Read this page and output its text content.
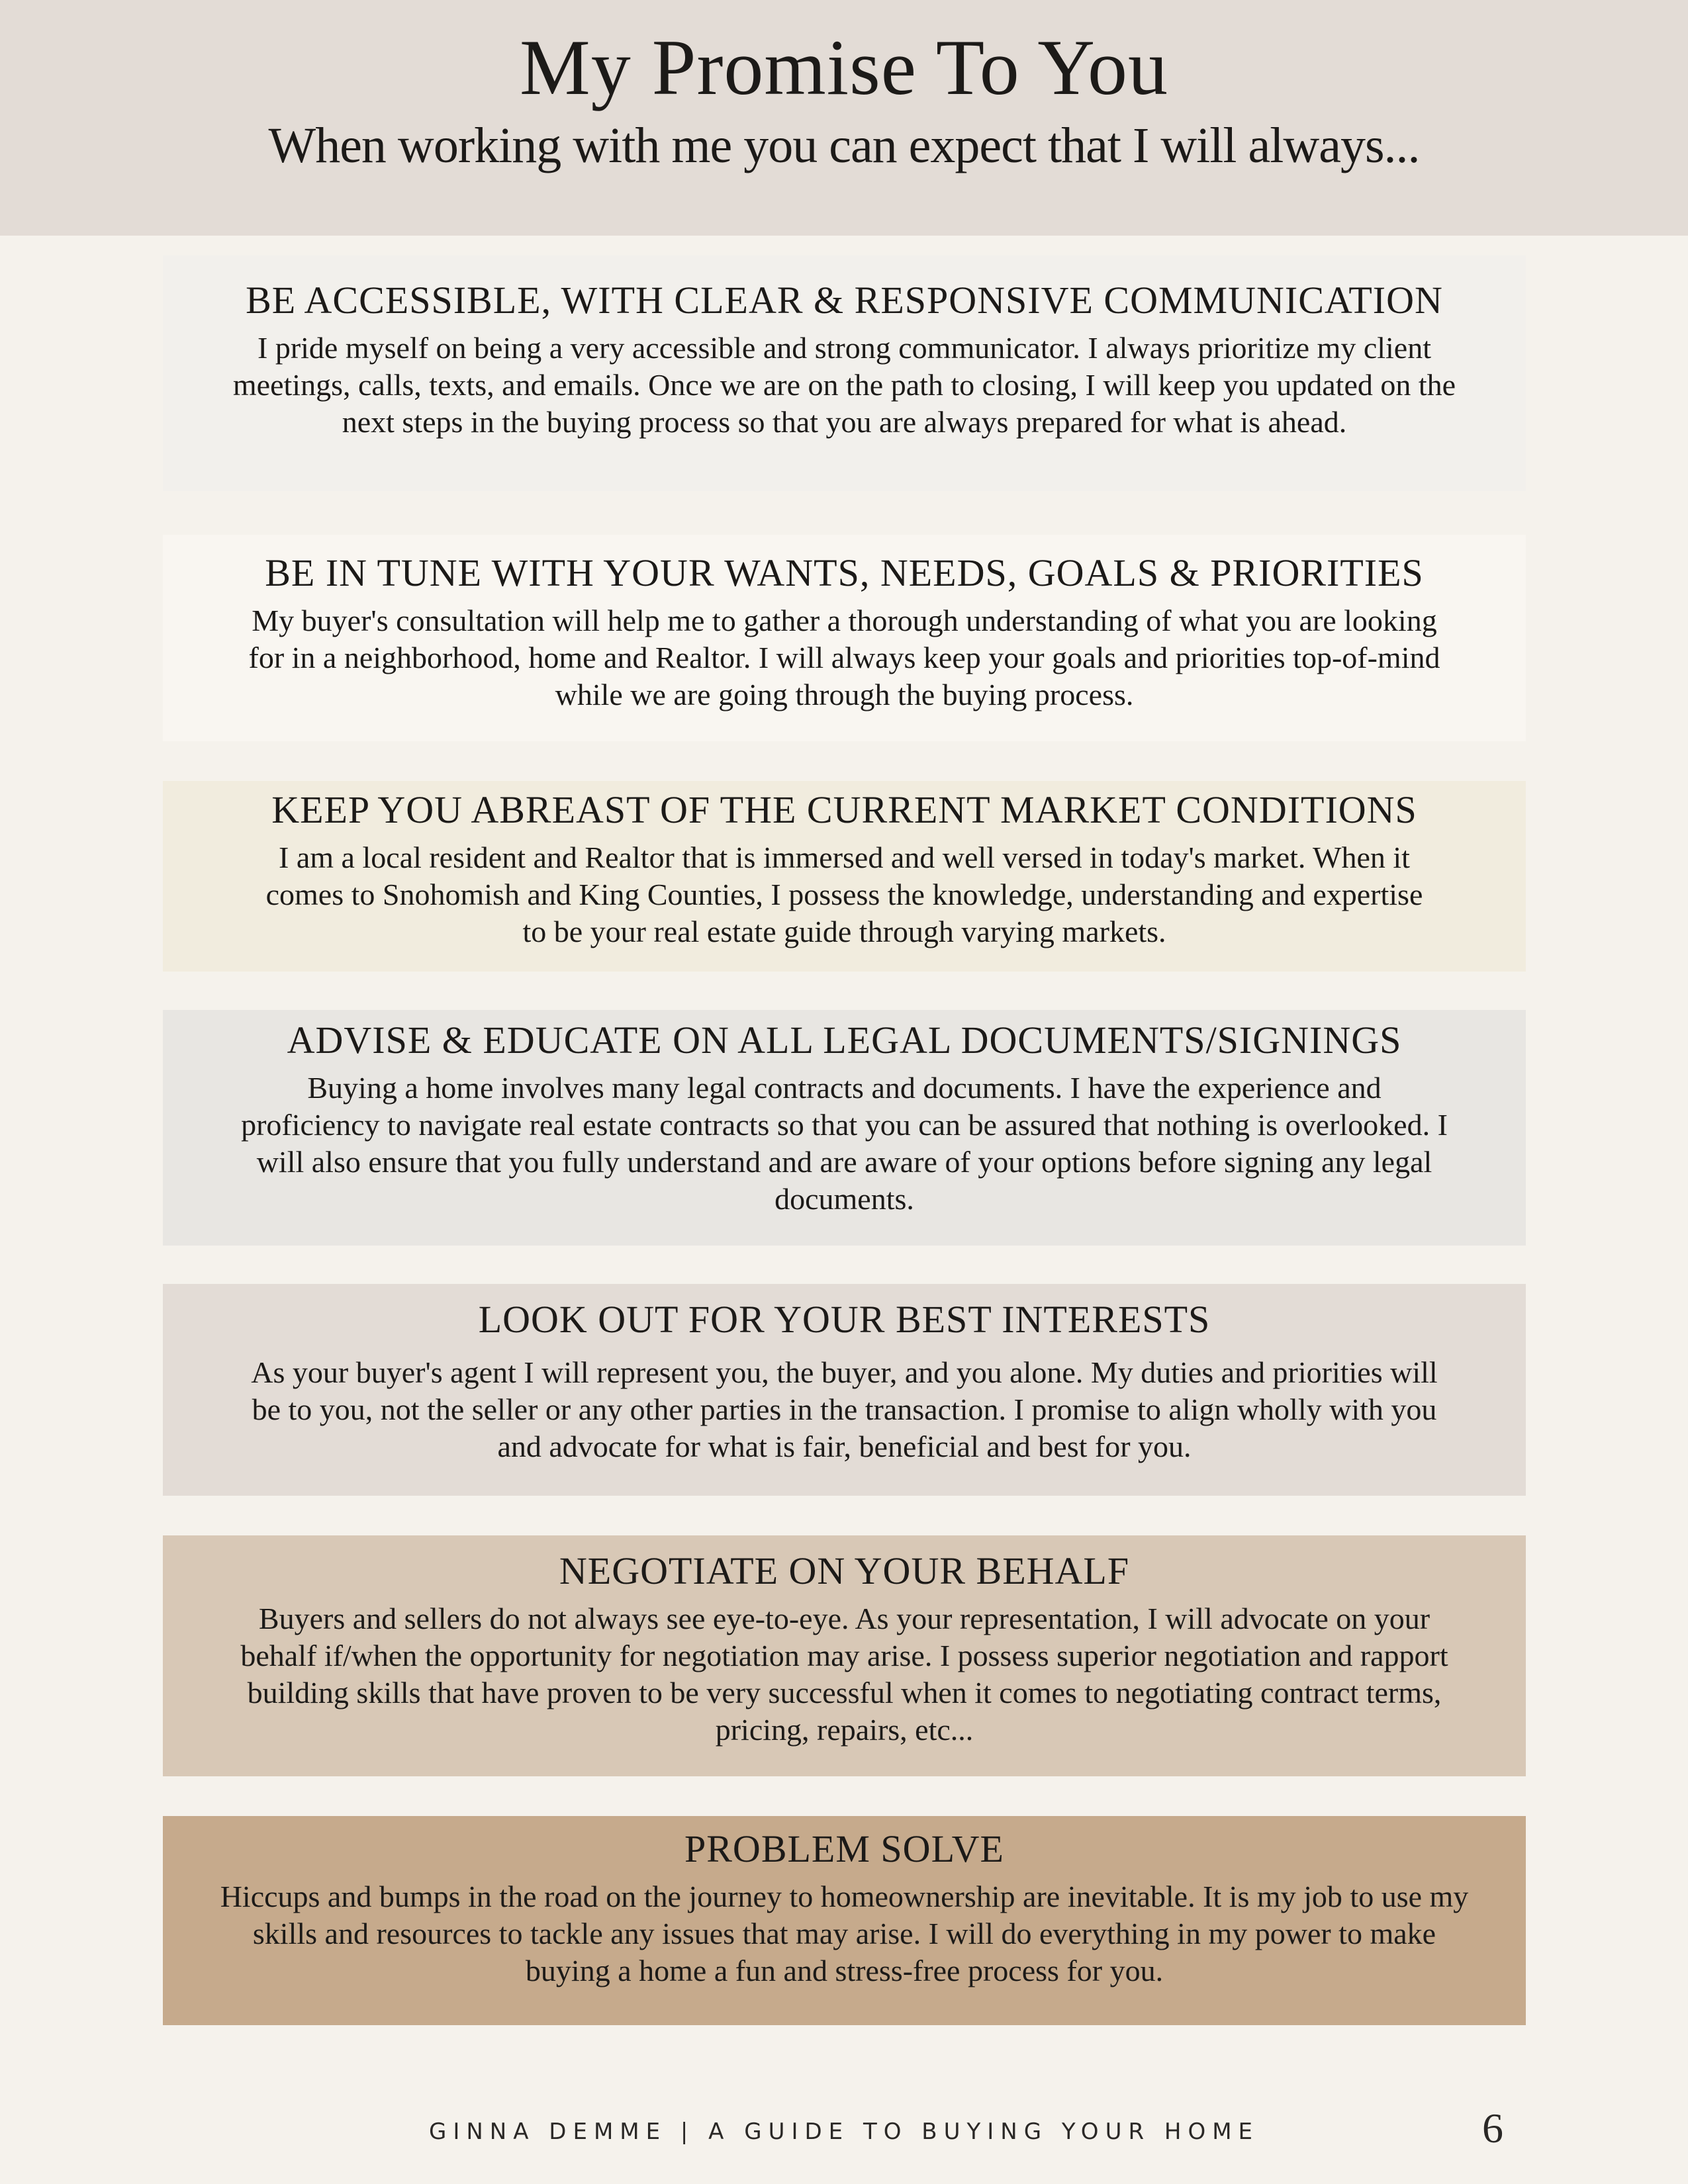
My Promise To You
When working with me you can expect that I will always...
BE ACCESSIBLE, WITH CLEAR & RESPONSIVE COMMUNICATION

I pride myself on being a very accessible and strong communicator. I always prioritize my client meetings, calls, texts, and emails. Once we are on the path to closing, I will keep you updated on the next steps in the buying process so that you are always prepared for what is ahead.

BE IN TUNE WITH YOUR WANTS, NEEDS, GOALS & PRIORITIES

My buyer's consultation will help me to gather a thorough understanding of what you are looking for in a neighborhood, home and Realtor. I will always keep your goals and priorities top-of-mind while we are going through the buying process.

KEEP YOU ABREAST OF THE CURRENT MARKET CONDITIONS

I am a local resident and Realtor that is immersed and well versed in today's market. When it comes to Snohomish and King Counties, I possess the knowledge, understanding and expertise to be your real estate guide through varying markets.

ADVISE & EDUCATE ON ALL LEGAL DOCUMENTS/SIGNINGS

Buying a home involves many legal contracts and documents. I have the experience and proficiency to navigate real estate contracts so that you can be assured that nothing is overlooked. I will also ensure that you fully understand and are aware of your options before signing any legal documents.

LOOK OUT FOR YOUR BEST INTERESTS

As your buyer's agent I will represent you, the buyer, and you alone. My duties and priorities will be to you, not the seller or any other parties in the transaction. I promise to align wholly with you and advocate for what is fair, beneficial and best for you.

NEGOTIATE ON YOUR BEHALF

Buyers and sellers do not always see eye-to-eye. As your representation, I will advocate on your behalf if/when the opportunity for negotiation may arise. I possess superior negotiation and rapport building skills that have proven to be very successful when it comes to negotiating contract terms, pricing, repairs, etc...

PROBLEM SOLVE

Hiccups and bumps in the road on the journey to homeownership are inevitable. It is my job to use my skills and resources to tackle any issues that may arise. I will do everything in my power to make buying a home a fun and stress-free process for you.

GINNA DEMME | A GUIDE TO BUYING YOUR HOME	6
